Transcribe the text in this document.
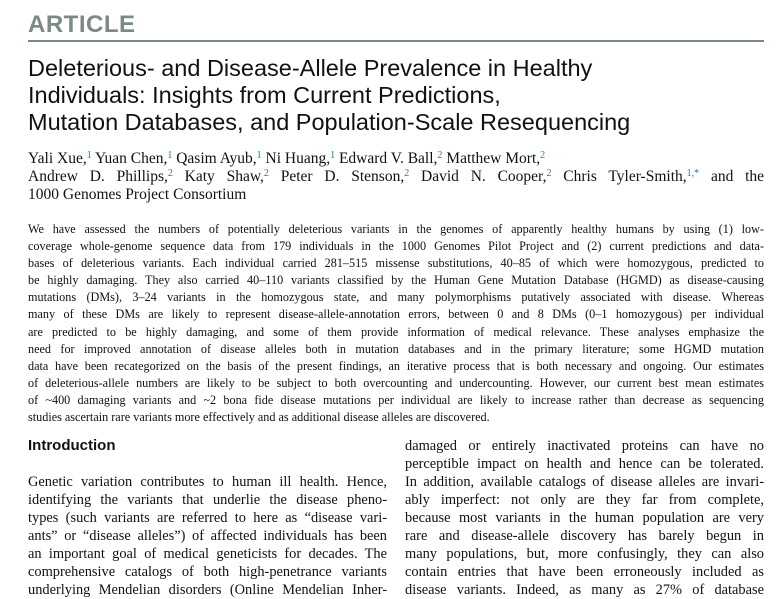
ARTICLE
Deleterious- and Disease-Allele Prevalence in Healthy
Individuals: Insights from Current Predictions,
Mutation Databases, and Population-Scale Resequencing
Yali Xue,$^1$ Yuan Chen,$^1$ Qasim Ayub,$^1$ Ni Huang,$^1$ Edward V. Ball,$^2$ Matthew Mort,$^2$
Andrew D. Phillips,$^2$ Katy Shaw,$^2$ Peter D. Stenson,$^2$ David N. Cooper,$^2$ Chris Tyler-Smith,$^{1,*}$ and the
1000 Genomes Project Consortium
We have assessed the numbers of potentially deleterious variants in the genomes of apparently healthy humans by using (1) low-
coverage whole-genome sequence data from 179 individuals in the 1000 Genomes Pilot Project and (2) current predictions and data-
bases of deleterious variants. Each individual carried 281–515 missense substitutions, 40–85 of which were homozygous, predicted to
be highly damaging. They also carried 40–110 variants classified by the Human Gene Mutation Database (HGMD) as disease-causing
mutations (DMs), 3–24 variants in the homozygous state, and many polymorphisms putatively associated with disease. Whereas
many of these DMs are likely to represent disease-allele-annotation errors, between 0 and 8 DMs (0–1 homozygous) per individual
are predicted to be highly damaging, and some of them provide information of medical relevance. These analyses emphasize the
need for improved annotation of disease alleles both in mutation databases and in the primary literature; some HGMD mutation
data have been recategorized on the basis of the present findings, an iterative process that is both necessary and ongoing. Our estimates
of deleterious-allele numbers are likely to be subject to both overcounting and undercounting. However, our current best mean estimates
of ~400 damaging variants and ~2 bona fide disease mutations per individual are likely to increase rather than decrease as sequencing
studies ascertain rare variants more effectively and as additional disease alleles are discovered.
Introduction
Genetic variation contributes to human ill health. Hence,
identifying the variants that underlie the disease pheno-
types (such variants are referred to here as “disease vari-
ants” or “disease alleles”) of affected individuals has been
an important goal of medical geneticists for decades. The
comprehensive catalogs of both high-penetrance variants
underlying Mendelian disorders (Online Mendelian Inher-
damaged or entirely inactivated proteins can have no
perceptible impact on health and hence can be tolerated.
In addition, available catalogs of disease alleles are invari-
ably imperfect: not only are they far from complete,
because most variants in the human population are very
rare and disease-allele discovery has barely begun in
many populations, but, more confusingly, they can also
contain entries that have been erroneously included as
disease variants. Indeed, as many as 27% of database
